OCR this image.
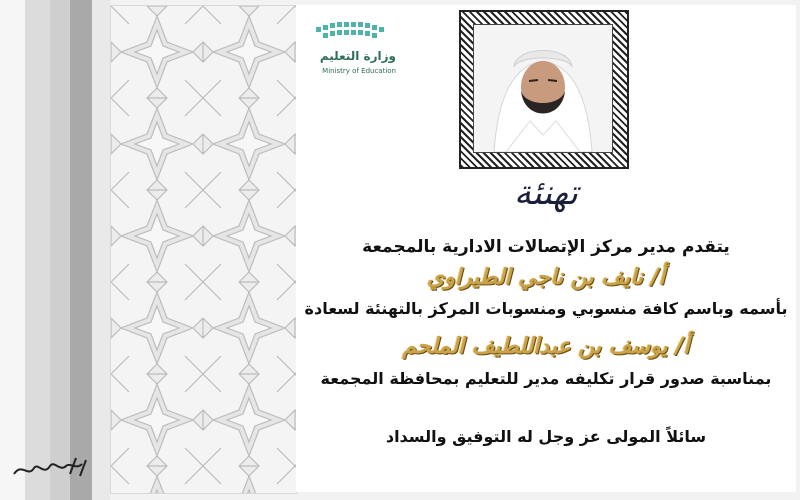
وزارة التعليم
Ministry of Education
تهنئة
يتقدم مدير مركز الإتصالات الادارية بالمجمعة
أ/ نايف بن ناجي الطيراوي
بأسمه وباسم كافة منسوبي ومنسوبات المركز بالتهنئة لسعادة
أ/ يوسف بن عبداللطيف الملحم
بمناسبة صدور قرار تكليفه مدير للتعليم بمحافظة المجمعة
سائلاً المولى عز وجل له التوفيق والسداد
